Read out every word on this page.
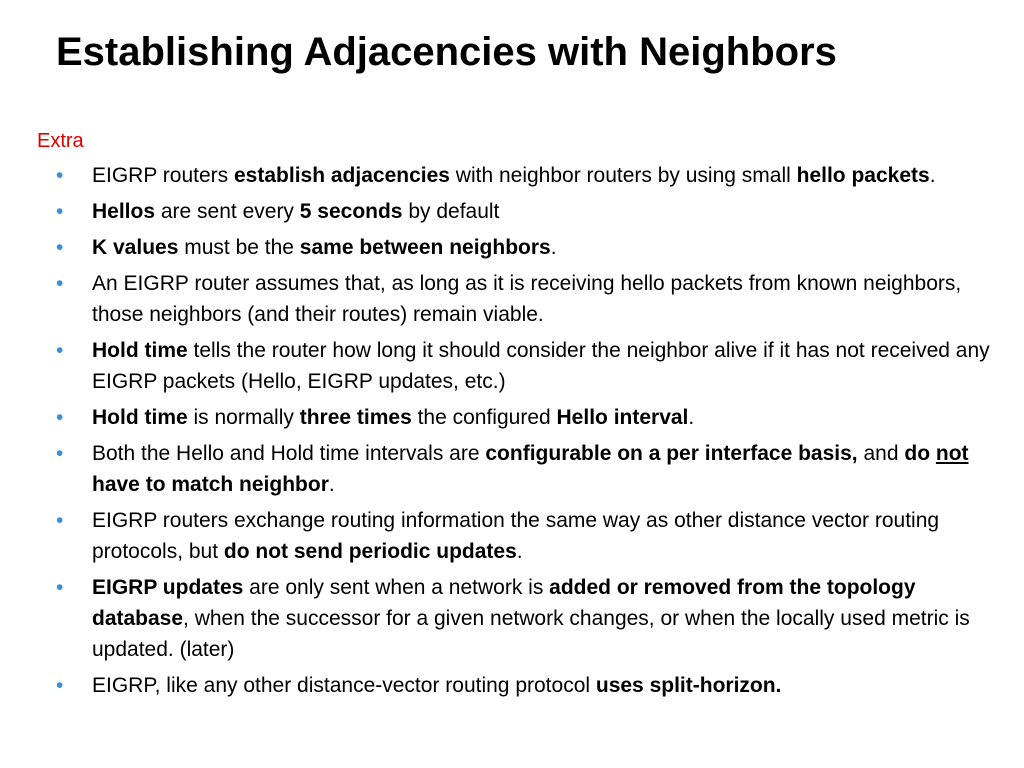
Establishing Adjacencies with Neighbors
Extra
•	EIGRP routers establish adjacencies with neighbor routers by using small hello packets.
•	Hellos are sent every 5 seconds by default
•	K values must be the same between neighbors.
•	An EIGRP router assumes that, as long as it is receiving hello packets from known neighbors, those neighbors (and their routes) remain viable.
•	Hold time tells the router how long it should consider the neighbor alive if it has not received any EIGRP packets (Hello, EIGRP updates, etc.)
•	Hold time is normally three times the configured Hello interval.
•	Both the Hello and Hold time intervals are configurable on a per interface basis, and do not have to match neighbor.
•	EIGRP routers exchange routing information the same way as other distance vector routing protocols, but do not send periodic updates.
•	EIGRP updates are only sent when a network is added or removed from the topology database, when the successor for a given network changes, or when the locally used metric is updated. (later)
•	EIGRP, like any other distance-vector routing protocol uses split-horizon.
